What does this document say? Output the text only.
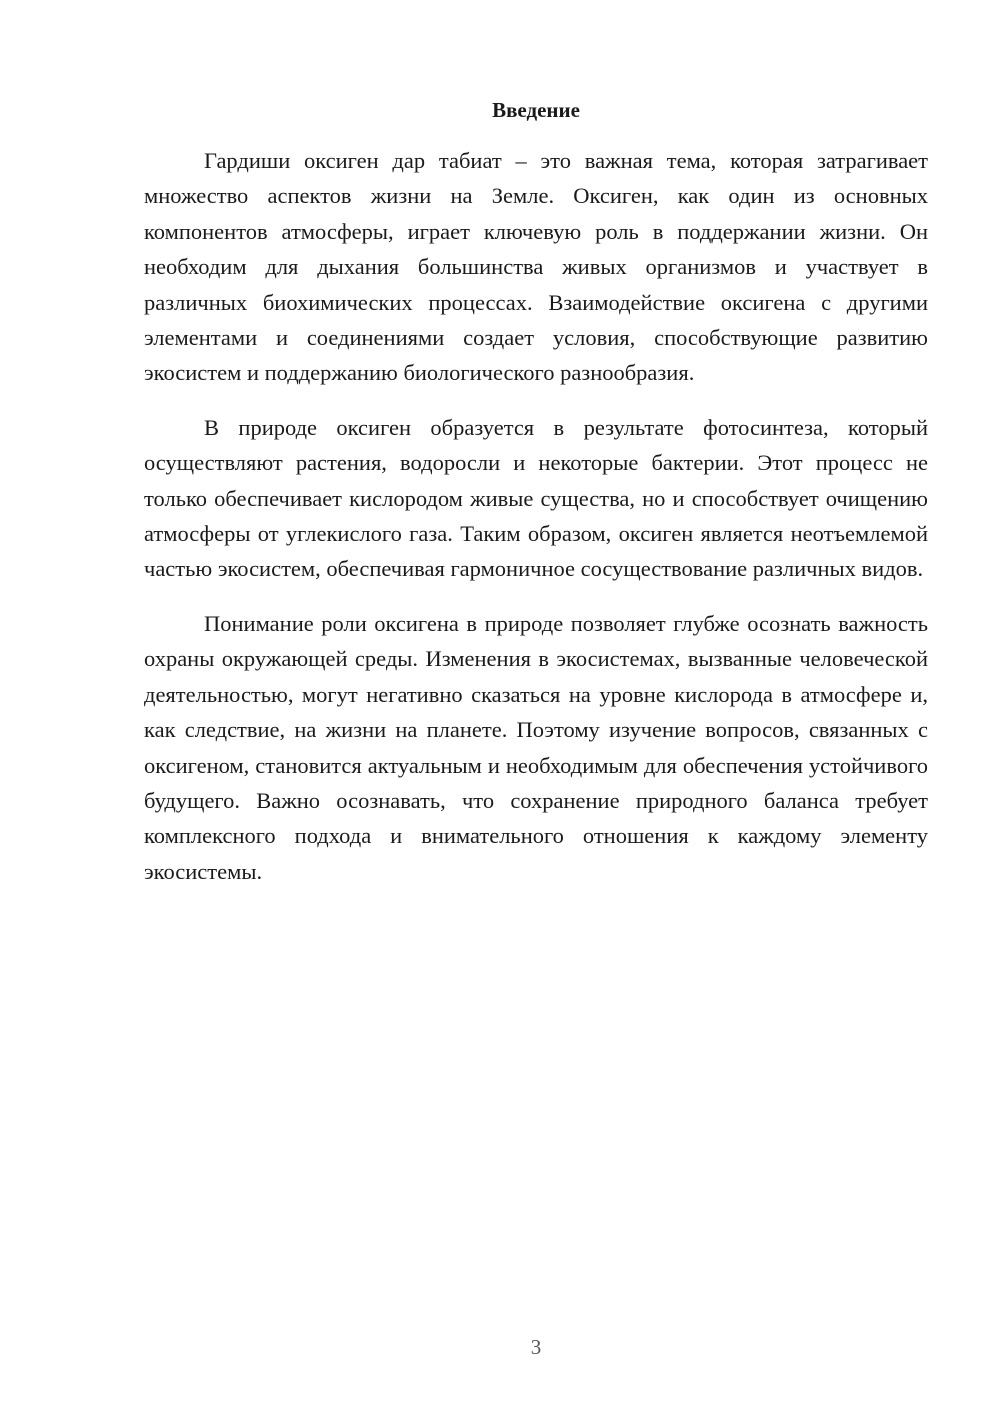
Введение

Гардиши оксиген дар табиат – это важная тема, которая затрагивает множество аспектов жизни на Земле. Оксиген, как один из основных компонентов атмосферы, играет ключевую роль в поддержании жизни. Он необходим для дыхания большинства живых организмов и участвует в различных биохимических процессах. Взаимодействие оксигена с другими элементами и соединениями создает условия, способствующие развитию экосистем и поддержанию биологического разнообразия.

В природе оксиген образуется в результате фотосинтеза, который осуществляют растения, водоросли и некоторые бактерии. Этот процесс не только обеспечивает кислородом живые существа, но и способствует очищению атмосферы от углекислого газа. Таким образом, оксиген является неотъемлемой частью экосистем, обеспечивая гармоничное сосуществование различных видов.

Понимание роли оксигена в природе позволяет глубже осознать важность охраны окружающей среды. Изменения в экосистемах, вызванные человеческой деятельностью, могут негативно сказаться на уровне кислорода в атмосфере и, как следствие, на жизни на планете. Поэтому изучение вопросов, связанных с оксигеном, становится актуальным и необходимым для обеспечения устойчивого будущего. Важно осознавать, что сохранение природного баланса требует комплексного подхода и внимательного отношения к каждому элементу экосистемы.

3
